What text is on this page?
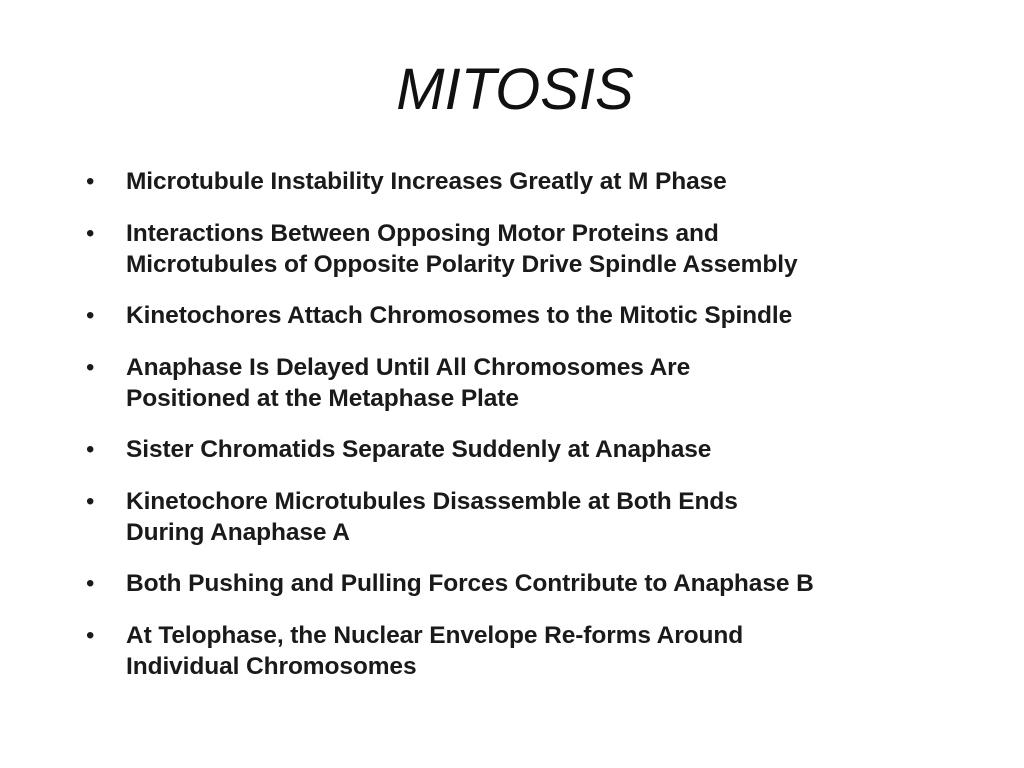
MITOSIS
•	Microtubule Instability Increases Greatly at M Phase
•	Interactions Between Opposing Motor Proteins and
Microtubules of Opposite Polarity Drive Spindle Assembly
•	Kinetochores Attach Chromosomes to the Mitotic Spindle
•	Anaphase Is Delayed Until All Chromosomes Are
Positioned at the Metaphase Plate
•	Sister Chromatids Separate Suddenly at Anaphase
•	Kinetochore Microtubules Disassemble at Both Ends
During Anaphase A
•	Both Pushing and Pulling Forces Contribute to Anaphase B
•	At Telophase, the Nuclear Envelope Re-forms Around
Individual Chromosomes
